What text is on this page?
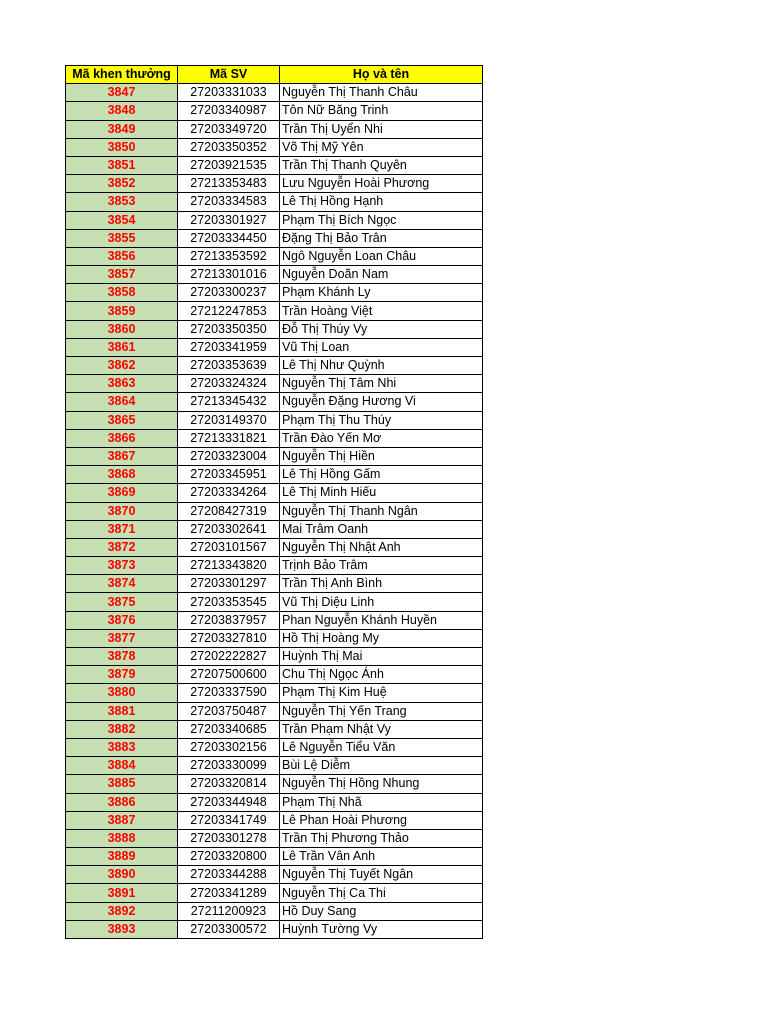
Mã khen thưởng	Mã SV	Họ và tên
3847	27203331033	Nguyễn Thị Thanh Châu
3848	27203340987	Tôn Nữ Băng Trinh
3849	27203349720	Trần Thị Uyển Nhi
3850	27203350352	Võ Thị Mỹ Yên
3851	27203921535	Trần Thị Thanh Quyên
3852	27213353483	Lưu Nguyễn Hoài Phương
3853	27203334583	Lê Thị Hồng Hạnh
3854	27203301927	Phạm Thị Bích Ngọc
3855	27203334450	Đặng Thị Bảo Trân
3856	27213353592	Ngô Nguyễn Loan Châu
3857	27213301016	Nguyễn Doãn Nam
3858	27203300237	Phạm Khánh Ly
3859	27212247853	Trần Hoàng Việt
3860	27203350350	Đỗ Thị Thúy Vy
3861	27203341959	Vũ Thị Loan
3862	27203353639	Lê Thị Như Quỳnh
3863	27203324324	Nguyễn Thị Tâm Nhi
3864	27213345432	Nguyễn Đặng Hương Vi
3865	27203149370	Phạm Thị Thu Thúy
3866	27213331821	Trần Đào Yến Mơ
3867	27203323004	Nguyễn Thị Hiền
3868	27203345951	Lê Thị Hồng Gấm
3869	27203334264	Lê Thị Minh Hiếu
3870	27208427319	Nguyễn Thị Thanh Ngân
3871	27203302641	Mai Trâm Oanh
3872	27203101567	Nguyễn Thị Nhật Anh
3873	27213343820	Trịnh Bảo Trâm
3874	27203301297	Trần Thị Anh Bình
3875	27203353545	Vũ Thị Diệu Linh
3876	27203837957	Phan Nguyễn Khánh Huyền
3877	27203327810	Hồ Thị Hoàng My
3878	27202222827	Huỳnh Thị Mai
3879	27207500600	Chu Thị Ngọc Ánh
3880	27203337590	Phạm Thị Kim Huệ
3881	27203750487	Nguyễn Thị Yến Trang
3882	27203340685	Trần Phạm Nhật Vy
3883	27203302156	Lê Nguyễn Tiểu Văn
3884	27203330099	Bùi Lệ Diễm
3885	27203320814	Nguyễn Thị Hồng Nhung
3886	27203344948	Phạm Thị Nhã
3887	27203341749	Lê Phan Hoài Phương
3888	27203301278	Trần Thị Phương Thảo
3889	27203320800	Lê Trần Vân Anh
3890	27203344288	Nguyễn Thị Tuyết Ngân
3891	27203341289	Nguyễn Thị Ca Thi
3892	27211200923	Hồ Duy Sang
3893	27203300572	Huỳnh Tường Vy
